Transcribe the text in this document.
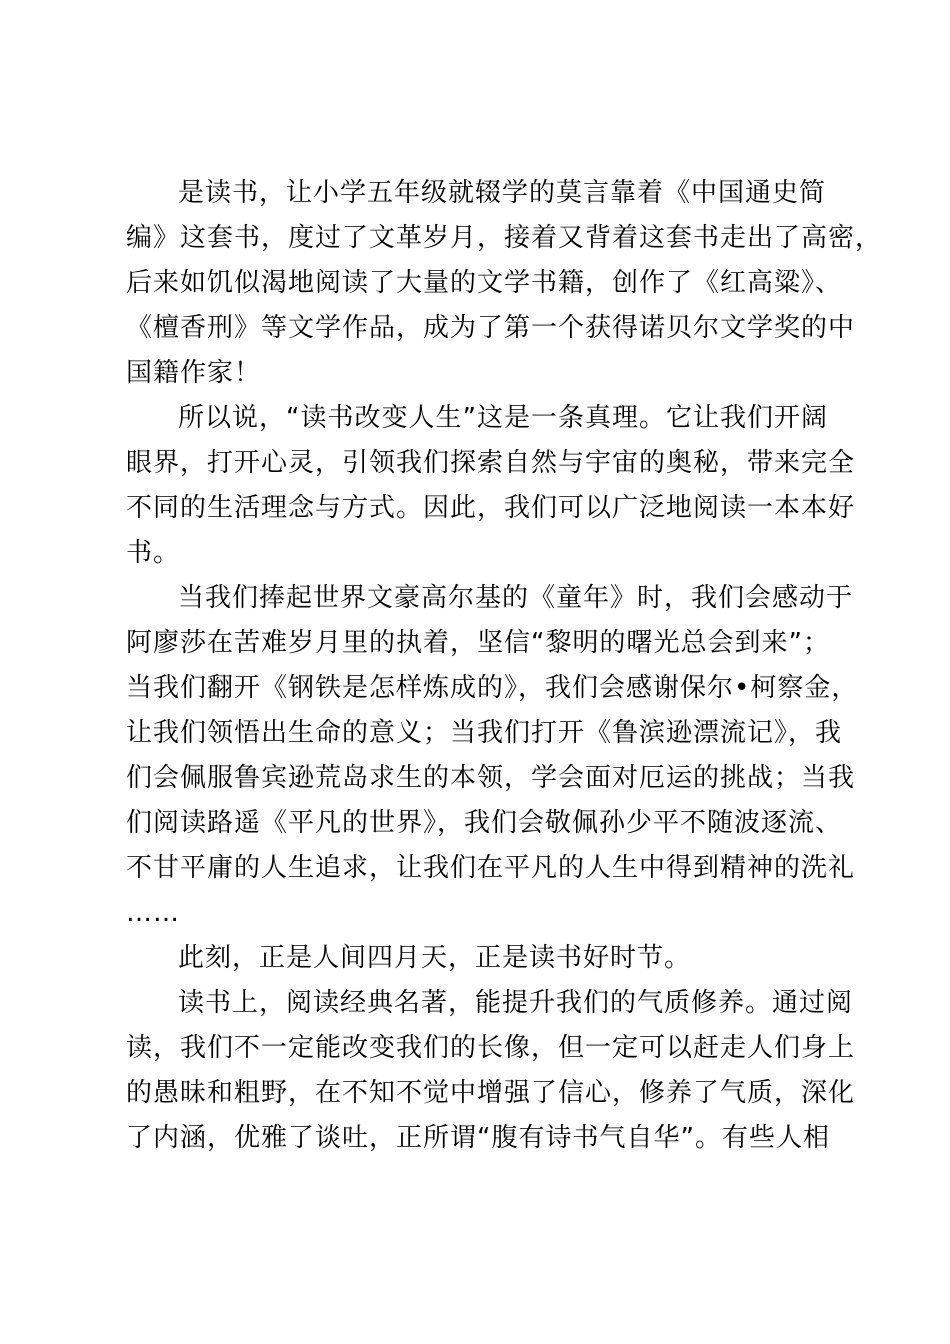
是读书，让小学五年级就辍学的莫言靠着《中国通史简
编》这套书，度过了文革岁月，接着又背着这套书走出了高密，
后来如饥似渴地阅读了大量的文学书籍，创作了《红高粱》、
《檀香刑》等文学作品，成为了第一个获得诺贝尔文学奖的中
国籍作家！
所以说，“读书改变人生”这是一条真理。它让我们开阔
眼界，打开心灵，引领我们探索自然与宇宙的奥秘，带来完全
不同的生活理念与方式。因此，我们可以广泛地阅读一本本好
书。
当我们捧起世界文豪高尔基的《童年》时，我们会感动于
阿廖莎在苦难岁月里的执着，坚信“黎明的曙光总会到来”；
当我们翻开《钢铁是怎样炼成的》，我们会感谢保尔•柯察金，
让我们领悟出生命的意义；当我们打开《鲁滨逊漂流记》，我
们会佩服鲁宾逊荒岛求生的本领，学会面对厄运的挑战；当我
们阅读路遥《平凡的世界》，我们会敬佩孙少平不随波逐流、
不甘平庸的人生追求，让我们在平凡的人生中得到精神的洗礼
……
此刻，正是人间四月天，正是读书好时节。
读书上，阅读经典名著，能提升我们的气质修养。通过阅
读，我们不一定能改变我们的长像，但一定可以赶走人们身上
的愚昧和粗野，在不知不觉中增强了信心，修养了气质，深化
了内涵，优雅了谈吐，正所谓“腹有诗书气自华”。有些人相
